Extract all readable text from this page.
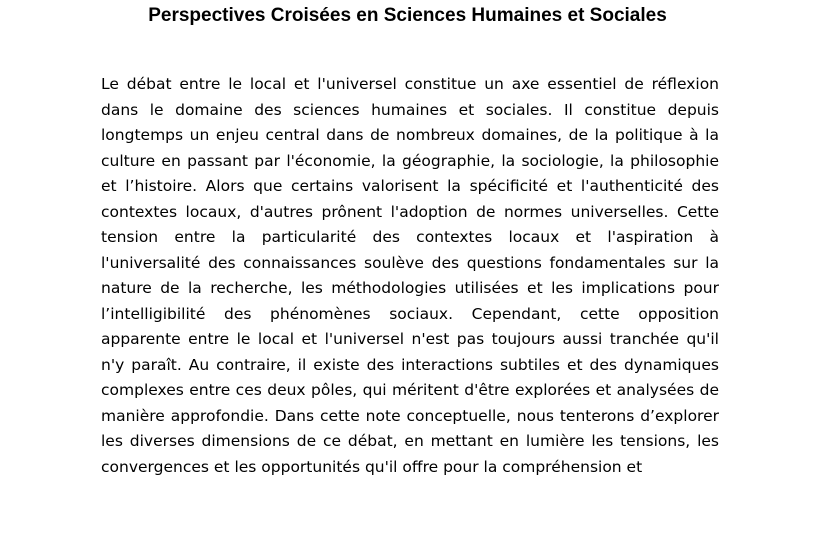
Perspectives Croisées en Sciences Humaines et Sociales

Le débat entre le local et l'universel constitue un axe essentiel de réflexion dans le domaine des sciences humaines et sociales. Il constitue depuis longtemps un enjeu central dans de nombreux domaines, de la politique à la culture en passant par l'économie, la géographie, la sociologie, la philosophie et l’histoire. Alors que certains valorisent la spécificité et l'authenticité des contextes locaux, d'autres prônent l'adoption de normes universelles. Cette tension entre la particularité des contextes locaux et l'aspiration à l'universalité des connaissances soulève des questions fondamentales sur la nature de la recherche, les méthodologies utilisées et les implications pour l’intelligibilité des phénomènes sociaux. Cependant, cette opposition apparente entre le local et l'universel n'est pas toujours aussi tranchée qu'il n'y paraît. Au contraire, il existe des interactions subtiles et des dynamiques complexes entre ces deux pôles, qui méritent d'être explorées et analysées de manière approfondie. Dans cette note conceptuelle, nous tenterons d’explorer les diverses dimensions de ce débat, en mettant en lumière les tensions, les convergences et les opportunités qu'il offre pour la compréhension et
